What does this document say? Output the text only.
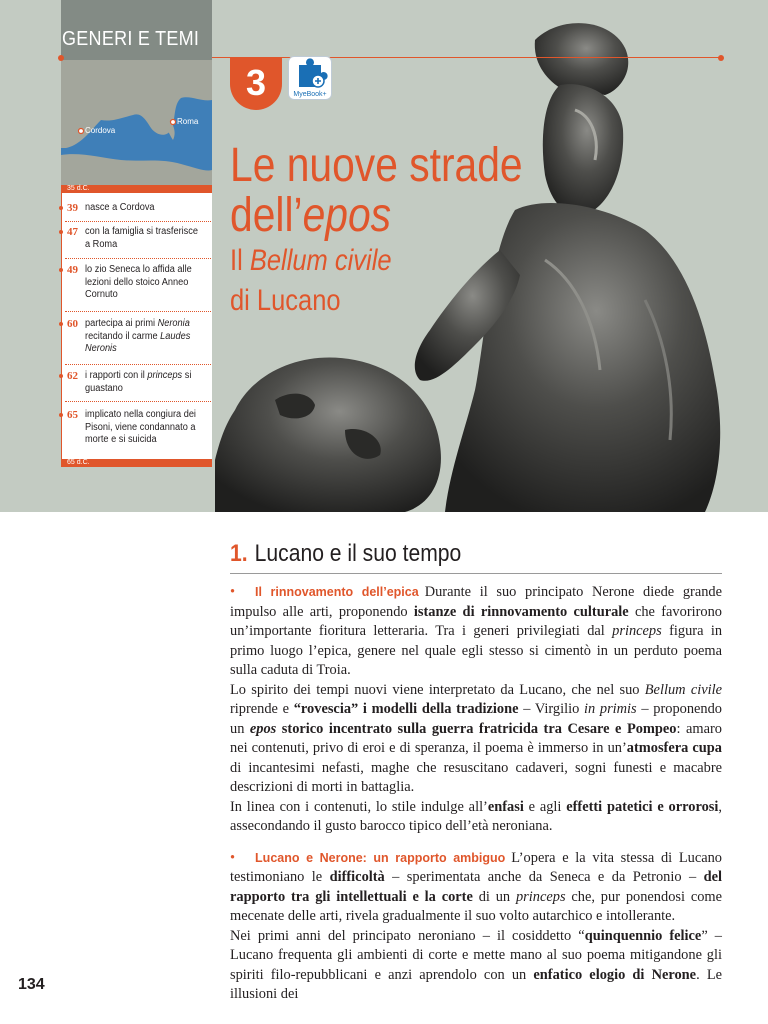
3	MyeBook+
Le nuove strade
dell’epos
Il Bellum civile
di Lucano
GENERI E TEMI
Cordova
Roma
35 d.C.
39 nasce a Cordova
47 con la famiglia si trasferisce a Roma
49 lo zio Seneca lo affida alle lezioni dello stoico Anneo Cornuto
60 partecipa ai primi Neronia recitando il carme Laudes Neronis
62 i rapporti con il princeps si guastano
65 implicato nella congiura dei Pisoni, viene condannato a morte e si suicida
65 d.C.
1. Lucano e il suo tempo

• Il rinnovamento dell’epica Durante il suo principato Nerone diede grande impulso alle arti, proponendo istanze di rinnovamento culturale che favorirono un’importante fioritura letteraria. Tra i generi privilegiati dal princeps figura in primo luogo l’epica, genere nel quale egli stesso si cimentò in un perduto poema sulla caduta di Troia.

Lo spirito dei tempi nuovi viene interpretato da Lucano, che nel suo Bellum civile riprende e “rovescia” i modelli della tradizione – Virgilio in primis – proponendo un epos storico incentrato sulla guerra fratricida tra Cesare e Pompeo: amaro nei contenuti, privo di eroi e di speranza, il poema è immerso in un’atmosfera cupa di incantesimi nefasti, maghe che resuscitano cadaveri, sogni funesti e macabre descrizioni di morti in battaglia.

In linea con i contenuti, lo stile indulge all’enfasi e agli effetti patetici e orrorosi, assecondando il gusto barocco tipico dell’età neroniana.

• Lucano e Nerone: un rapporto ambiguo L’opera e la vita stessa di Lucano testimoniano le difficoltà – sperimentata anche da Seneca e da Petronio – del rapporto tra gli intellettuali e la corte di un princeps che, pur ponendosi come mecenate delle arti, rivela gradualmente il suo volto autarchico e intollerante.

Nei primi anni del principato neroniano – il cosiddetto “quinquennio felice” – Lucano frequenta gli ambienti di corte e mette mano al suo poema mitigandone gli spiriti filo-repubblicani e anzi aprendolo con un enfatico elogio di Nerone. Le illusioni dei

134
